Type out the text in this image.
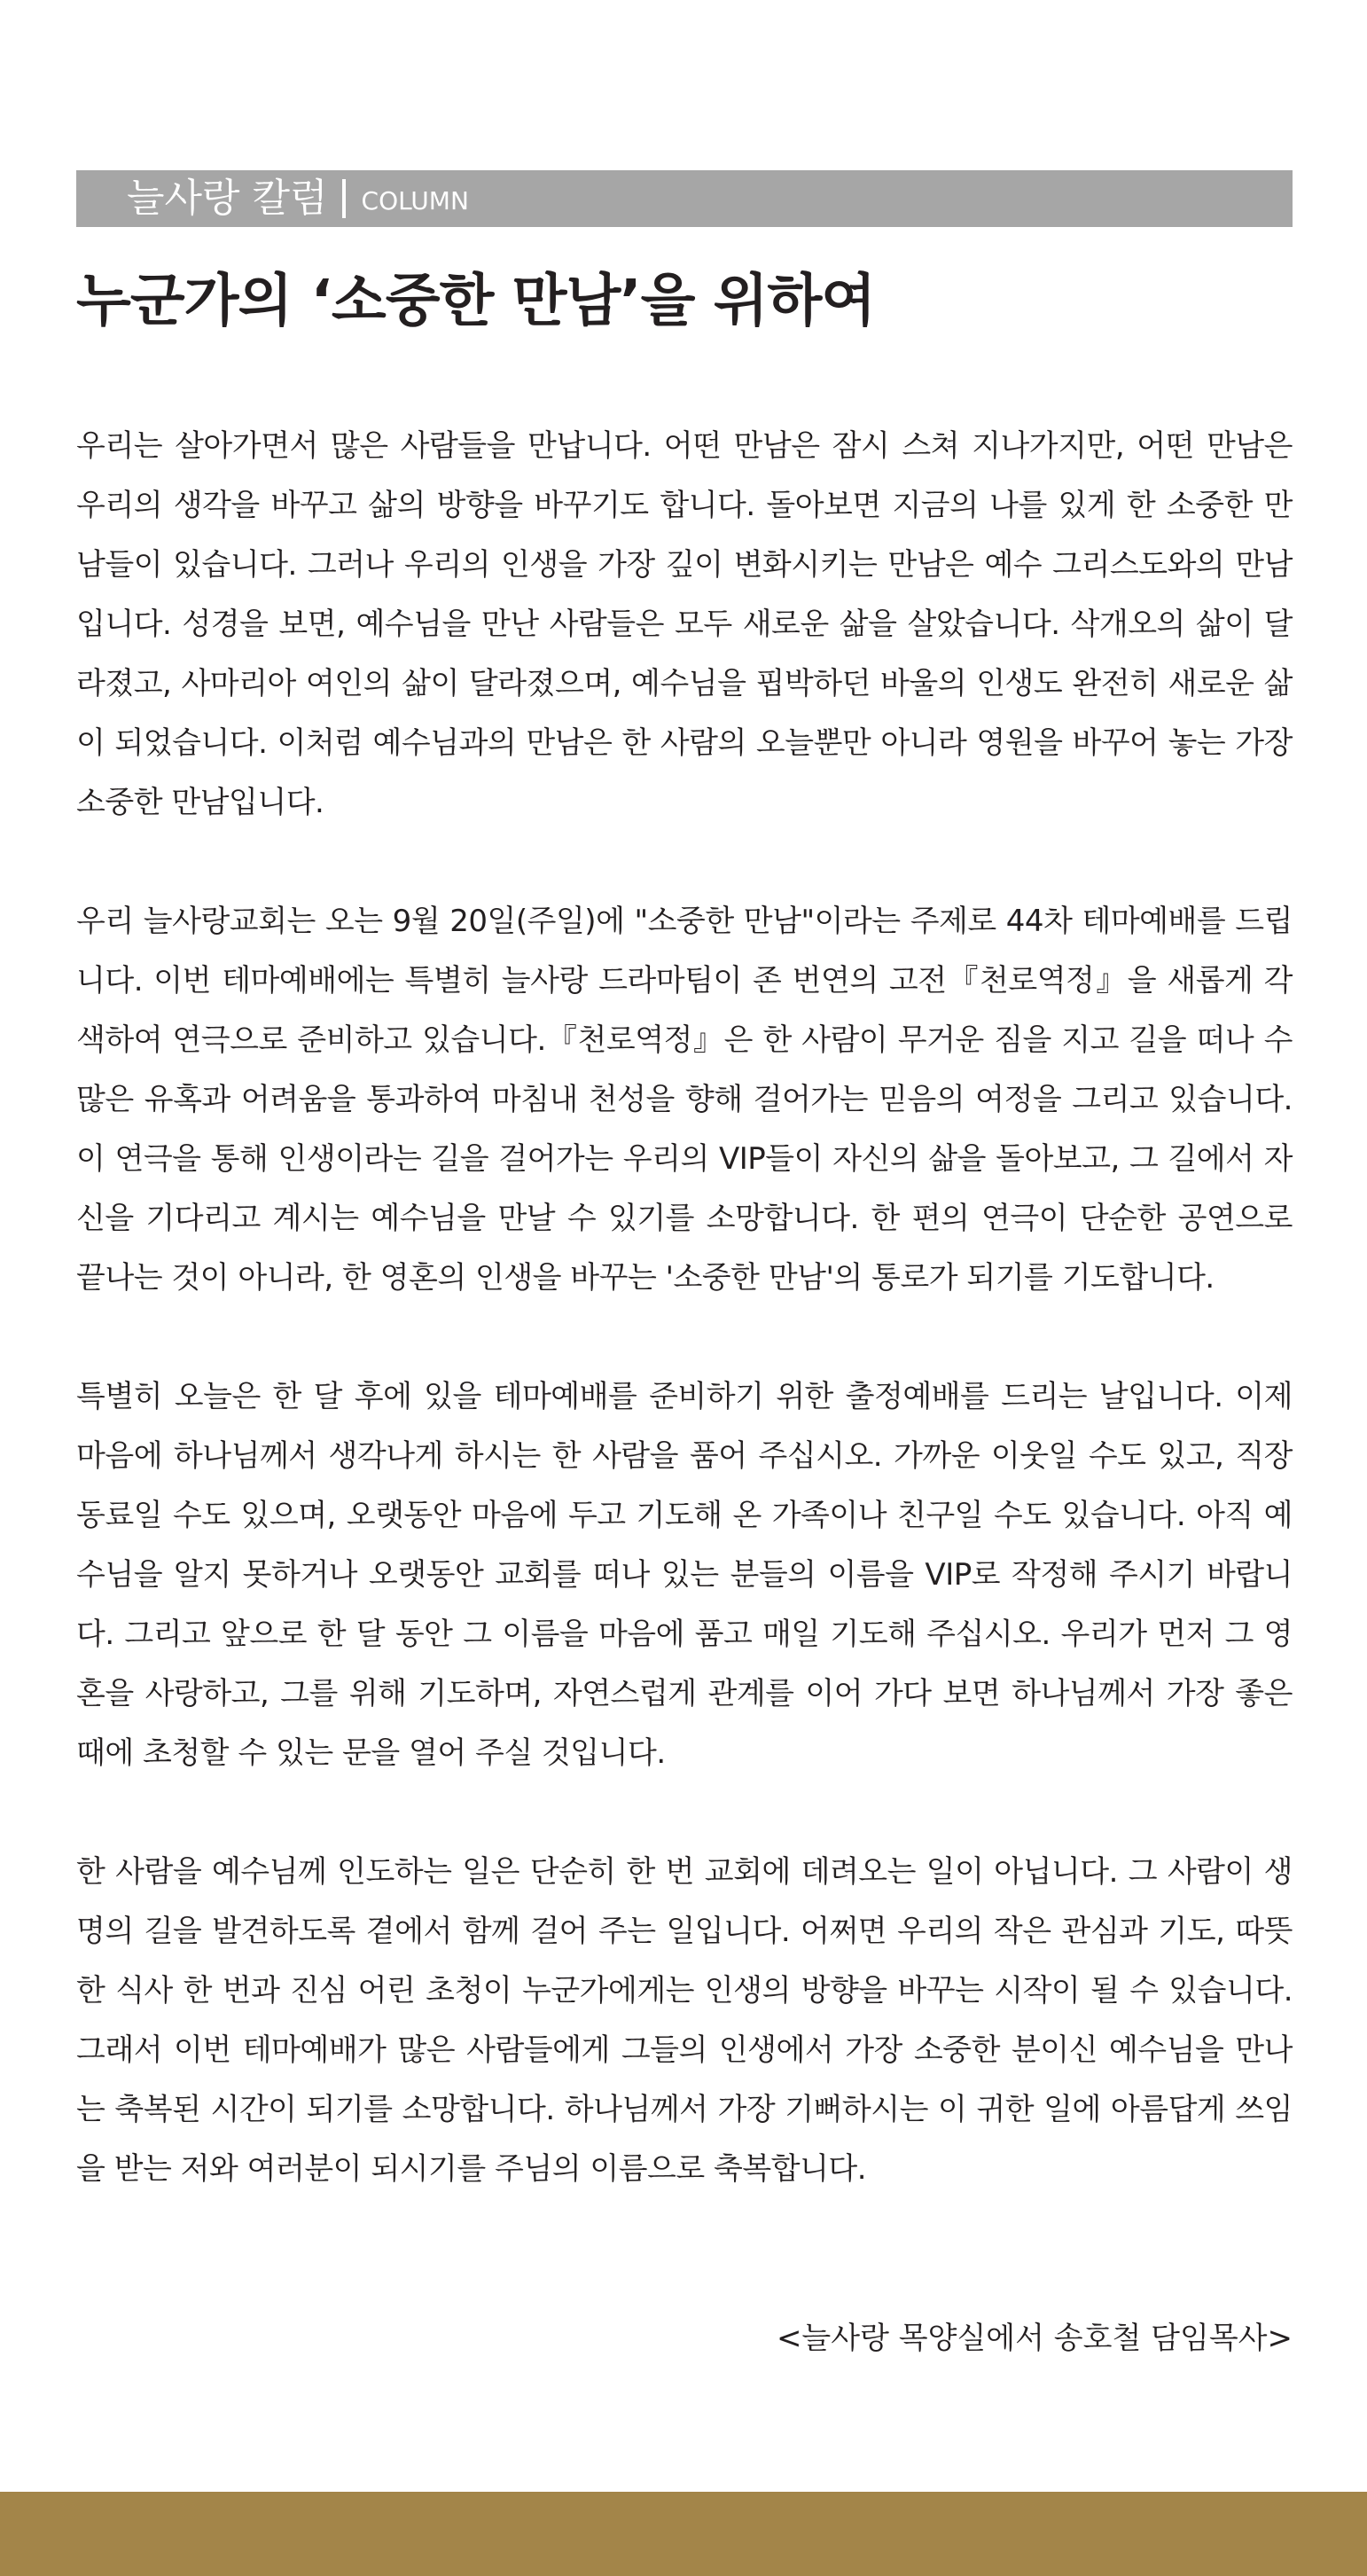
늘사랑 칼럼 COLUMN
누군가의 ‘소중한 만남’을 위하여

우리는 살아가면서 많은 사람들을 만납니다. 어떤 만남은 잠시 스쳐 지나가지만, 어떤 만남은 우리의 생각을 바꾸고 삶의 방향을 바꾸기도 합니다. 돌아보면 지금의 나를 있게 한 소중한 만남들이 있습니다. 그러나 우리의 인생을 가장 깊이 변화시키는 만남은 예수 그리스도와의 만남입니다. 성경을 보면, 예수님을 만난 사람들은 모두 새로운 삶을 살았습니다. 삭개오의 삶이 달라졌고, 사마리아 여인의 삶이 달라졌으며, 예수님을 핍박하던 바울의 인생도 완전히 새로운 삶이 되었습니다. 이처럼 예수님과의 만남은 한 사람의 오늘뿐만 아니라 영원을 바꾸어 놓는 가장 소중한 만남입니다.

우리 늘사랑교회는 오는 9월 20일(주일)에 "소중한 만남"이라는 주제로 44차 테마예배를 드립니다. 이번 테마예배에는 특별히 늘사랑 드라마팀이 존 번연의 고전『천로역정』을 새롭게 각색하여 연극으로 준비하고 있습니다.『천로역정』은 한 사람이 무거운 짐을 지고 길을 떠나 수많은 유혹과 어려움을 통과하여 마침내 천성을 향해 걸어가는 믿음의 여정을 그리고 있습니다. 이 연극을 통해 인생이라는 길을 걸어가는 우리의 VIP들이 자신의 삶을 돌아보고, 그 길에서 자신을 기다리고 계시는 예수님을 만날 수 있기를 소망합니다. 한 편의 연극이 단순한 공연으로 끝나는 것이 아니라, 한 영혼의 인생을 바꾸는 '소중한 만남'의 통로가 되기를 기도합니다.

특별히 오늘은 한 달 후에 있을 테마예배를 준비하기 위한 출정예배를 드리는 날입니다. 이제 마음에 하나님께서 생각나게 하시는 한 사람을 품어 주십시오. 가까운 이웃일 수도 있고, 직장 동료일 수도 있으며, 오랫동안 마음에 두고 기도해 온 가족이나 친구일 수도 있습니다. 아직 예수님을 알지 못하거나 오랫동안 교회를 떠나 있는 분들의 이름을 VIP로 작정해 주시기 바랍니다. 그리고 앞으로 한 달 동안 그 이름을 마음에 품고 매일 기도해 주십시오. 우리가 먼저 그 영혼을 사랑하고, 그를 위해 기도하며, 자연스럽게 관계를 이어 가다 보면 하나님께서 가장 좋은 때에 초청할 수 있는 문을 열어 주실 것입니다.

한 사람을 예수님께 인도하는 일은 단순히 한 번 교회에 데려오는 일이 아닙니다. 그 사람이 생명의 길을 발견하도록 곁에서 함께 걸어 주는 일입니다. 어쩌면 우리의 작은 관심과 기도, 따뜻한 식사 한 번과 진심 어린 초청이 누군가에게는 인생의 방향을 바꾸는 시작이 될 수 있습니다. 그래서 이번 테마예배가 많은 사람들에게 그들의 인생에서 가장 소중한 분이신 예수님을 만나는 축복된 시간이 되기를 소망합니다. 하나님께서 가장 기뻐하시는 이 귀한 일에 아름답게 쓰임을 받는 저와 여러분이 되시기를 주님의 이름으로 축복합니다.

<늘사랑 목양실에서 송호철 담임목사>
